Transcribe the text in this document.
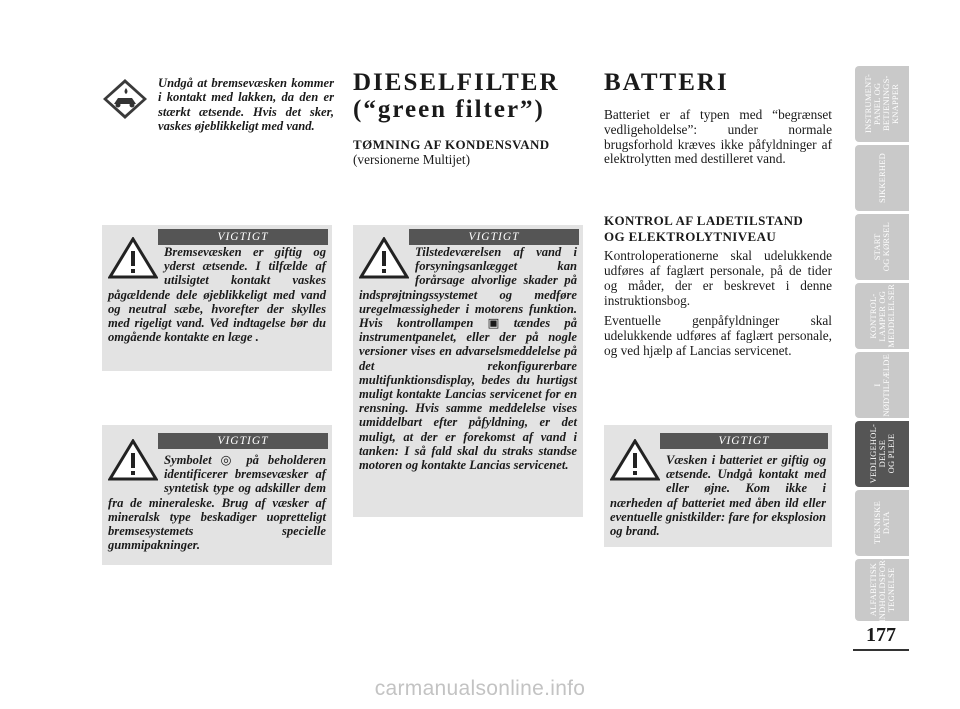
Undgå at bremsevæsken kommer i kontakt med lakken, da den er stærkt ætsende. Hvis det sker, vaskes øjeblikkeligt med vand.
VIGTIGT
Bremsevæsken er giftig og yderst ætsende. I tilfælde af utilsigtet kontakt vaskes pågældende dele øjeblikkeligt med vand og neutral sæbe, hvorefter der skylles med rigeligt vand. Ved indtagelse bør du omgående kontakte en læge .
VIGTIGT
Symbolet ◎ på beholderen identificerer bremsevæsker af syntetisk type og adskiller dem fra de mineraleske. Brug af væsker af mineralsk type beskadiger uopretteligt bremsesystemets specielle gummipakninger.
DIESELFILTER
(“green filter”)
TØMNING AF KONDENSVAND
(versionerne Multijet)
VIGTIGT
Tilstedeværelsen af vand i forsyningsanlægget kan forårsage alvorlige skader på indsprøjtningssystemet og medføre uregelmæssigheder i motorens funktion. Hvis kontrollampen ▣ tændes på instrumentpanelet, eller der på nogle versioner vises en advarselsmeddelelse på det rekonfigurerbare multifunktionsdisplay, bedes du hurtigst muligt kontakte Lancias servicenet for en rensning. Hvis samme meddelelse vises umiddelbart efter påfyldning, er det muligt, at der er forekomst af vand i tanken: I så fald skal du straks standse motoren og kontakte Lancias servicenet.
BATTERI
Batteriet er af typen med “begrænset vedligeholdelse”: under normale brugsforhold kræves ikke påfyldninger af elektrolytten med destilleret vand.
KONTROL AF LADETILSTAND
OG ELEKTROLYTNIVEAU
Kontroloperationerne skal udelukkende udføres af faglært personale, på de tider og måder, der er beskrevet i denne instruktionsbog.
Eventuelle genpåfyldninger skal udelukkende udføres af faglært personale, og ved hjælp af Lancias servicenet.
VIGTIGT
Væsken i batteriet er giftig og ætsende. Undgå kontakt med eller øjne. Kom ikke i nærheden af batteriet med åben ild eller eventuelle gnistkilder: fare for eksplosion og brand.
INSTRUMENT-
PANEL OG
BETJENINGS-
KNAPPER
SIKKERHED
START
OG KØRSEL
KONTROL-
LAMPER OG
MEDDELELSER
I
NØDTILFÆLDE
VEDLIGEHOL-
DELSE
OG PLEJE
TEKNISKE
DATA
ALFABETISK
INDHOLDSFOR-
TEGNELSE
177
carmanualsonline.info
